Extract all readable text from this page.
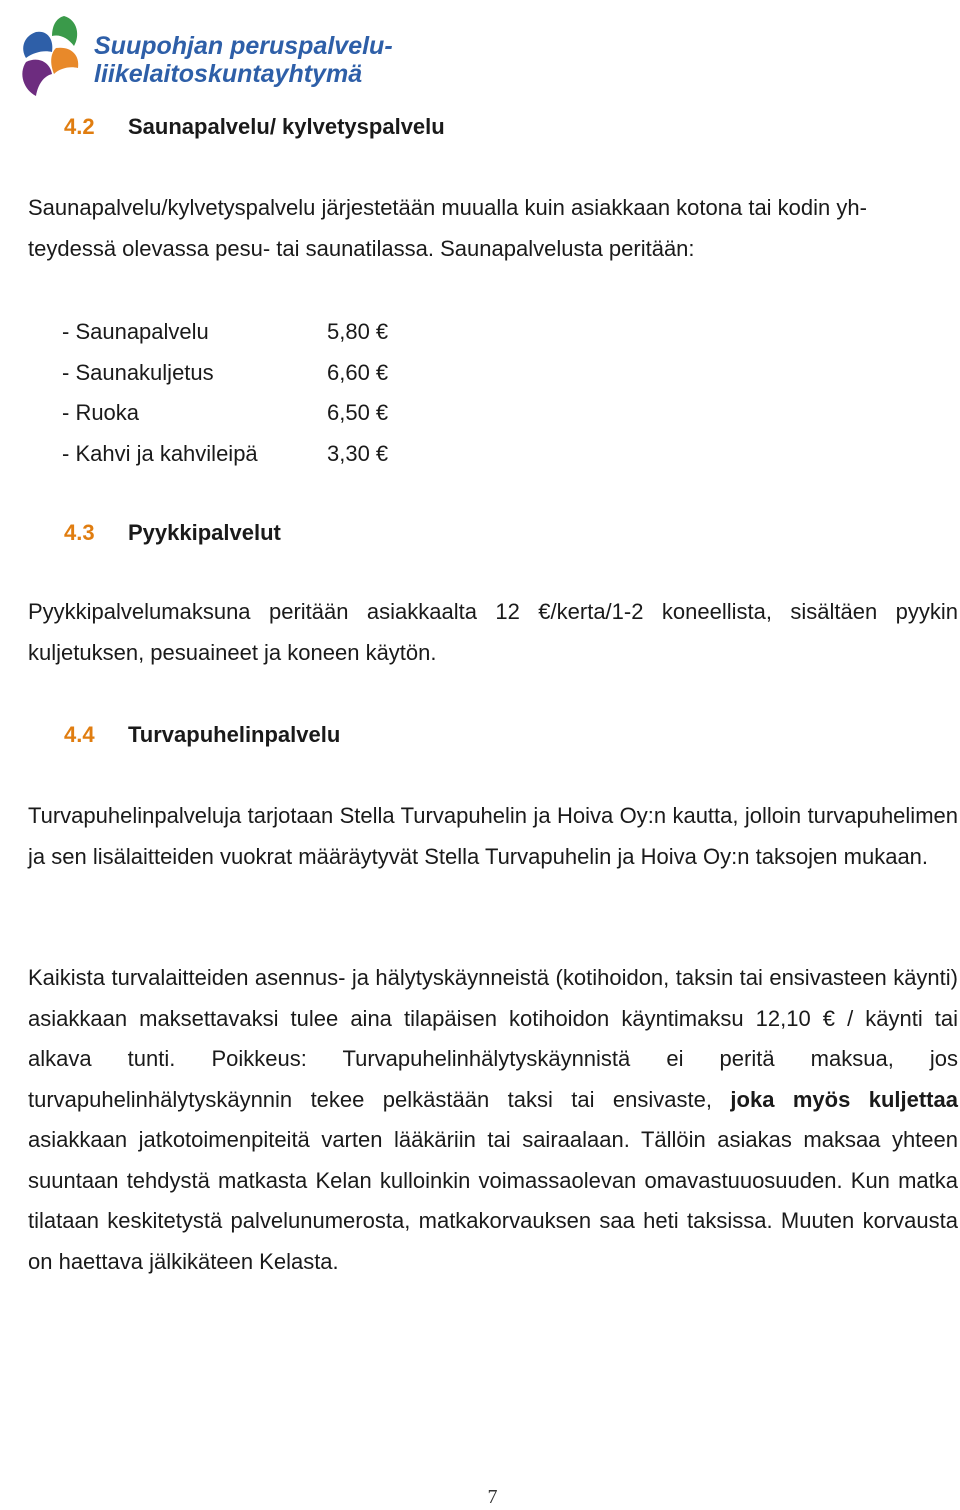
Suupohjan peruspalvelu-
liikelaitoskuntayhtymä
4.2 Saunapalvelu/ kylvetyspalvelu
Saunapalvelu/kylvetyspalvelu järjestetään muualla kuin asiakkaan kotona tai kodin yh-
teydessä olevassa pesu- tai saunatilassa. Saunapalvelusta peritään:
- Saunapalvelu	5,80 €
- Saunakuljetus	6,60 €
- Ruoka	6,50 €
- Kahvi ja kahvileipä	3,30 €
4.3 Pyykkipalvelut

Pyykkipalvelumaksuna peritään asiakkaalta 12 €/kerta/1-2 koneellista, sisältäen pyykin kuljetuksen, pesuaineet ja koneen käytön.

4.4 Turvapuhelinpalvelu

Turvapuhelinpalveluja tarjotaan Stella Turvapuhelin ja Hoiva Oy:n kautta, jolloin turvapuhelimen ja sen lisälaitteiden vuokrat määräytyvät Stella Turvapuhelin ja Hoiva Oy:n taksojen mukaan.

Kaikista turvalaitteiden asennus- ja hälytyskäynneistä (kotihoidon, taksin tai ensivasteen käynti) asiakkaan maksettavaksi tulee aina tilapäisen kotihoidon käyntimaksu 12,10 € / käynti tai alkava tunti. Poikkeus: Turvapuhelinhälytyskäynnistä ei peritä maksua, jos turvapuhelinhälytyskäynnin tekee pelkästään taksi tai ensivaste, joka myös kuljettaa asiakkaan jatkotoimenpiteitä varten lääkäriin tai sairaalaan. Tällöin asiakas maksaa yhteen suuntaan tehdystä matkasta Kelan kulloinkin voimassaolevan omavastuuosuuden. Kun matka tilataan keskitetystä palvelunumerosta, matkakorvauksen saa heti taksissa. Muuten korvausta on haettava jälkikäteen Kelasta.

7
